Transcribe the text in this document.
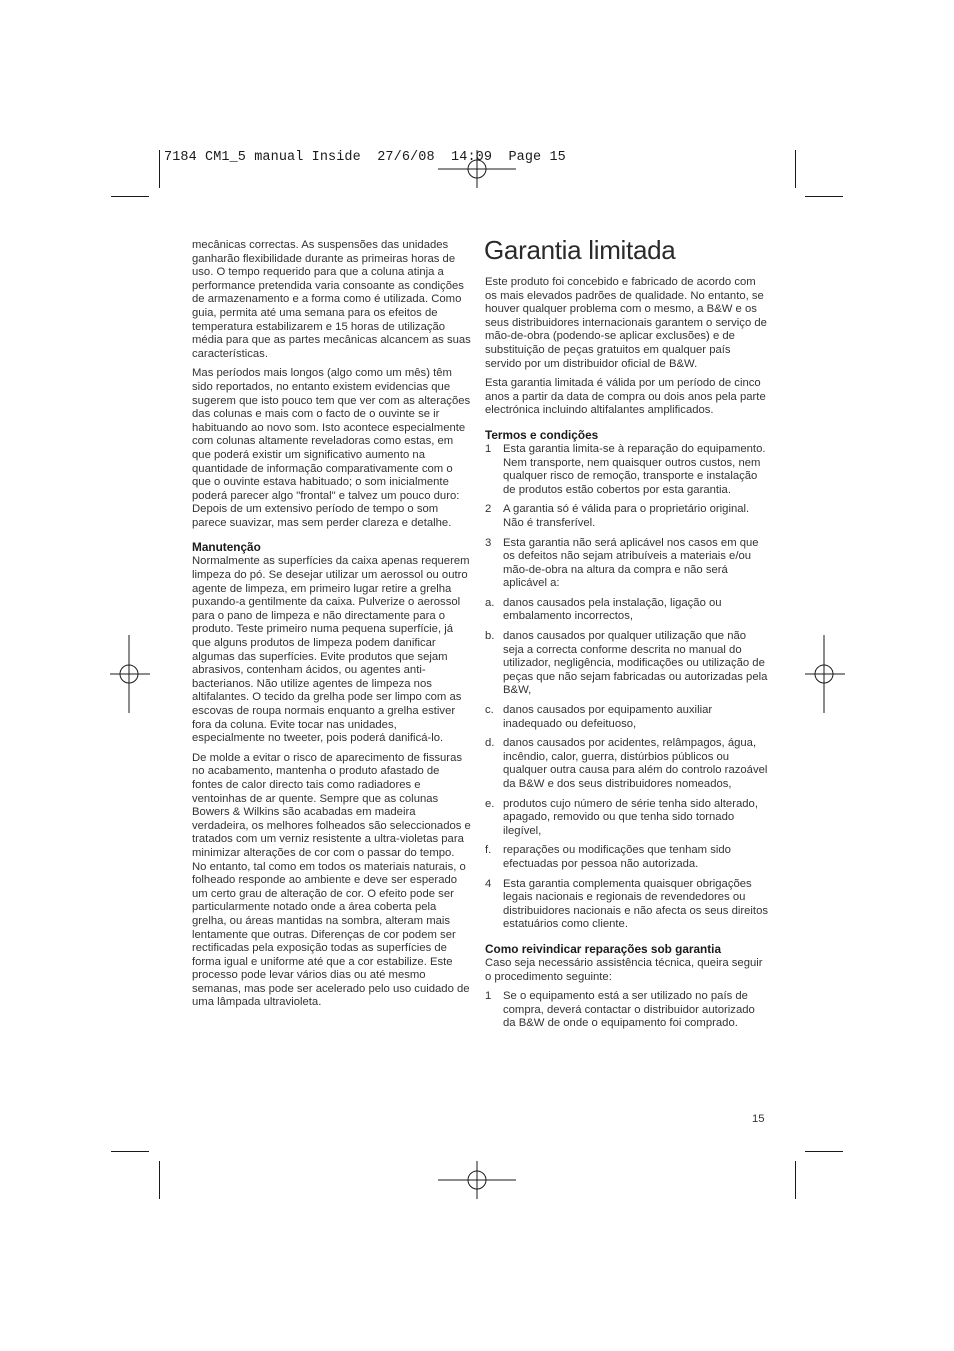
7184 CM1_5 manual Inside  27/6/08  14:09  Page 15

mecânicas correctas. As suspensões das unidades ganharão flexibilidade durante as primeiras horas de uso. O tempo requerido para que a coluna atinja a performance pretendida varia consoante as condições de armazenamento e a forma como é utilizada. Como guia, permita até uma semana para os efeitos de temperatura estabilizarem e 15 horas de utilização média para que as partes mecânicas alcancem as suas características.

Mas períodos mais longos (algo como um mês) têm sido reportados, no entanto existem evidencias que sugerem que isto pouco tem que ver com as alterações das colunas e mais com o facto de o ouvinte se ir habituando ao novo som. Isto acontece especialmente com colunas altamente reveladoras como estas, em que poderá existir um significativo aumento na quantidade de informação comparativamente com o que o ouvinte estava habituado; o som inicialmente poderá parecer algo "frontal" e talvez um pouco duro: Depois de um extensivo período de tempo o som parece suavizar, mas sem perder clareza e detalhe.

Manutenção

Normalmente as superfícies da caixa apenas requerem limpeza do pó. Se desejar utilizar um aerossol ou outro agente de limpeza, em primeiro lugar retire a grelha puxando-a gentilmente da caixa. Pulverize o aerossol para o pano de limpeza e não directamente para o produto. Teste primeiro numa pequena superfície, já que alguns produtos de limpeza podem danificar algumas das superfícies. Evite produtos que sejam abrasivos, contenham ácidos, ou agentes anti-bacterianos. Não utilize agentes de limpeza nos altifalantes. O tecido da grelha pode ser limpo com as escovas de roupa normais enquanto a grelha estiver fora da coluna. Evite tocar nas unidades, especialmente no tweeter, pois poderá danificá-lo.

De molde a evitar o risco de aparecimento de fissuras no acabamento, mantenha o produto afastado de fontes de calor directo tais como radiadores e ventoinhas de ar quente. Sempre que as colunas Bowers & Wilkins são acabadas em madeira verdadeira, os melhores folheados são seleccionados e tratados com um verniz resistente a ultra-violetas para minimizar alterações de cor com o passar do tempo. No entanto, tal como em todos os materiais naturais, o folheado responde ao ambiente e deve ser esperado um certo grau de alteração de cor. O efeito pode ser particularmente notado onde a área coberta pela grelha, ou áreas mantidas na sombra, alteram mais lentamente que outras. Diferenças de cor podem ser rectificadas pela exposição todas as superfícies de forma igual e uniforme até que a cor estabilize. Este processo pode levar vários dias ou até mesmo semanas, mas pode ser acelerado pelo uso cuidado de uma lâmpada ultravioleta.

Garantia limitada

Este produto foi concebido e fabricado de acordo com os mais elevados padrões de qualidade. No entanto, se houver qualquer problema com o mesmo, a B&W e os seus distribuidores internacionais garantem o serviço de mão-de-obra (podendo-se aplicar exclusões) e de substituição de peças gratuitos em qualquer país servido por um distribuidor oficial de B&W.

Esta garantia limitada é válida por um período de cinco anos a partir da data de compra ou dois anos pela parte electrónica incluindo altifalantes amplificados.

Termos e condições
1 Esta garantia limita-se à reparação do equipamento. Nem transporte, nem quaisquer outros custos, nem qualquer risco de remoção, transporte e instalação de produtos estão cobertos por esta garantia.
2 A garantia só é válida para o proprietário original. Não é transferível.
3 Esta garantia não será aplicável nos casos em que os defeitos não sejam atribuíveis a materiais e/ou mão-de-obra na altura da compra e não será aplicável a:
a. danos causados pela instalação, ligação ou embalamento incorrectos,
b. danos causados por qualquer utilização que não seja a correcta conforme descrita no manual do utilizador, negligência, modificações ou utilização de peças que não sejam fabricadas ou autorizadas pela B&W,
c. danos causados por equipamento auxiliar inadequado ou defeituoso,
d. danos causados por acidentes, relâmpagos, água, incêndio, calor, guerra, distúrbios públicos ou qualquer outra causa para além do controlo razoável da B&W e dos seus distribuidores nomeados,
e. produtos cujo número de série tenha sido alterado, apagado, removido ou que tenha sido tornado ilegível,
f. reparações ou modificações que tenham sido efectuadas por pessoa não autorizada.
4 Esta garantia complementa quaisquer obrigações legais nacionais e regionais de revendedores ou distribuidores nacionais e não afecta os seus direitos estatuários como cliente.
Como reivindicar reparações sob garantia

Caso seja necessário assistência técnica, queira seguir o procedimento seguinte:

1 Se o equipamento está a ser utilizado no país de compra, deverá contactar o distribuidor autorizado da B&W de onde o equipamento foi comprado.
15
